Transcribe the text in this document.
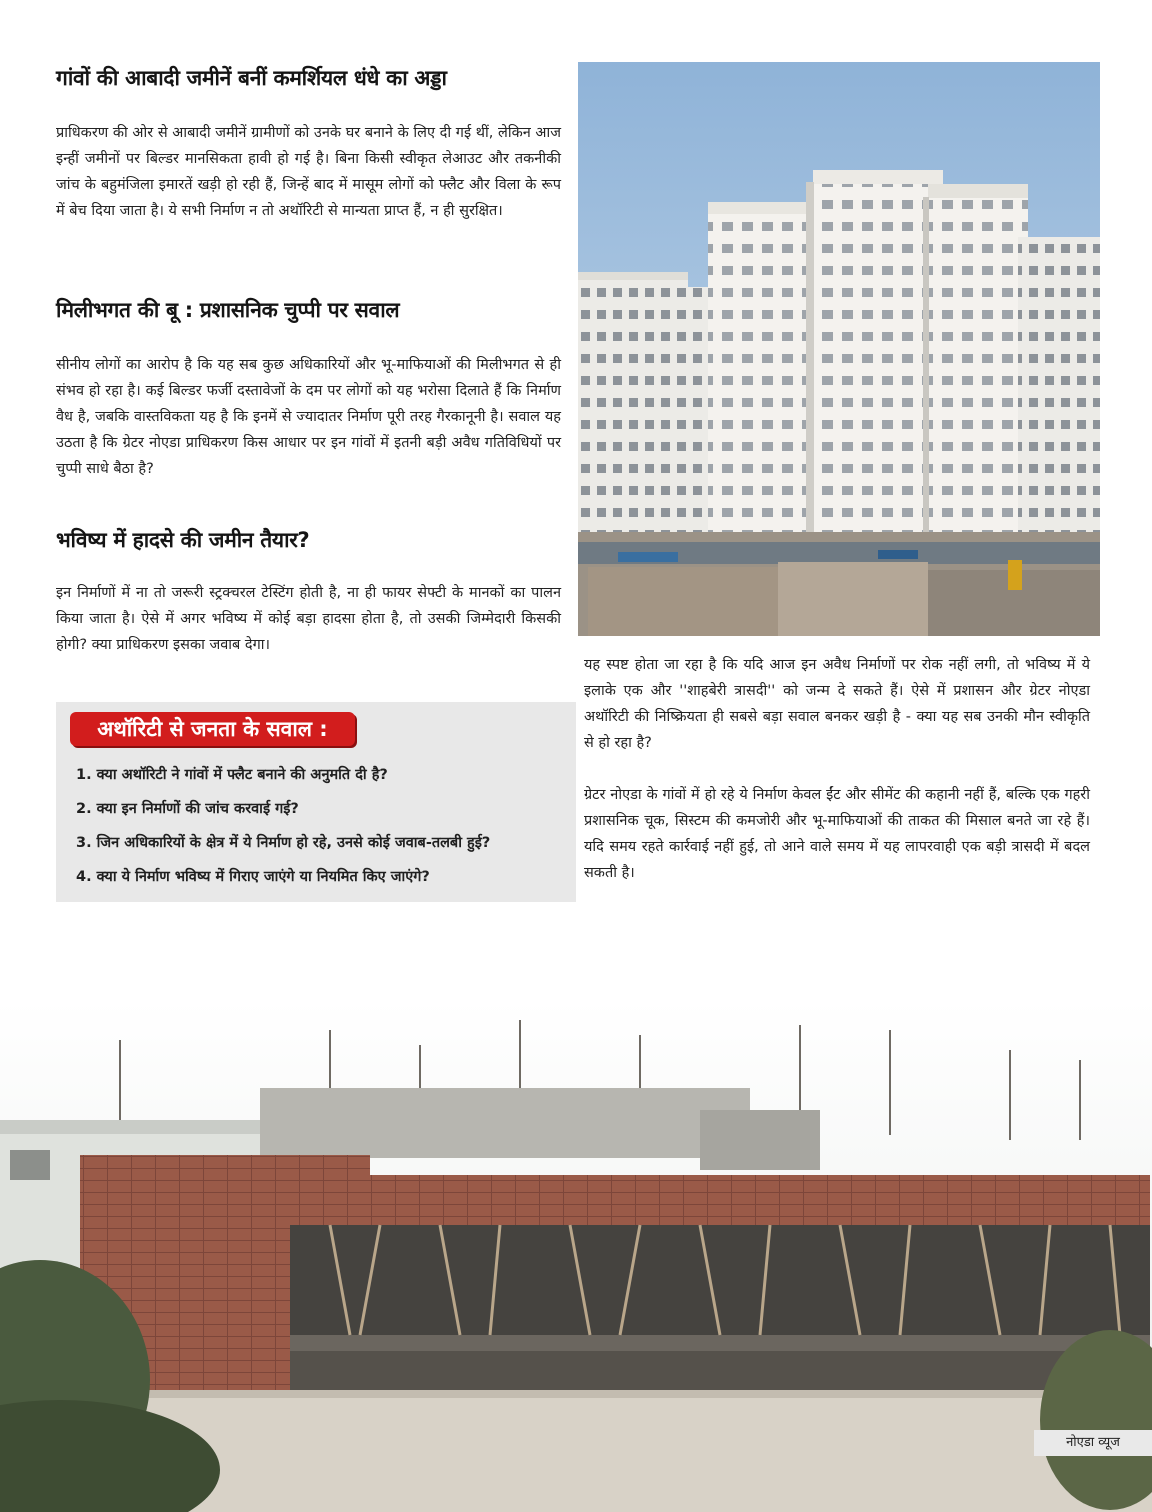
गांवों की आबादी जमीनें बनीं कमर्शियल धंधे का अड्डा

प्राधिकरण की ओर से आबादी जमीनें ग्रामीणों को उनके घर बनाने के लिए दी गई थीं, लेकिन आज इन्हीं जमीनों पर बिल्डर मानसिकता हावी हो गई है। बिना किसी स्वीकृत लेआउट और तकनीकी जांच के बहुमंजिला इमारतें खड़ी हो रही हैं, जिन्हें बाद में मासूम लोगों को फ्लैट और विला के रूप में बेच दिया जाता है। ये सभी निर्माण न तो अथॉरिटी से मान्यता प्राप्त हैं, न ही सुरक्षित।

मिलीभगत की बू : प्रशासनिक चुप्पी पर सवाल

सीनीय लोगों का आरोप है कि यह सब कुछ अधिकारियों और भू-माफियाओं की मिलीभगत से ही संभव हो रहा है। कई बिल्डर फर्जी दस्तावेजों के दम पर लोगों को यह भरोसा दिलाते हैं कि निर्माण वैध है, जबकि वास्तविकता यह है कि इनमें से ज्यादातर निर्माण पूरी तरह गैरकानूनी है। सवाल यह उठता है कि ग्रेटर नोएडा प्राधिकरण किस आधार पर इन गांवों में इतनी बड़ी अवैध गतिविधियों पर चुप्पी साधे बैठा है?

भविष्य में हादसे की जमीन तैयार?

इन निर्माणों में ना तो जरूरी स्ट्रक्चरल टेस्टिंग होती है, ना ही फायर सेफ्टी के मानकों का पालन किया जाता है। ऐसे में अगर भविष्य में कोई बड़ा हादसा होता है, तो उसकी जिम्मेदारी किसकी होगी? क्या प्राधिकरण इसका जवाब देगा।

अथॉरिटी से जनता के सवाल :
1. क्या अथॉरिटी ने गांवों में फ्लैट बनाने की अनुमति दी है?
2. क्या इन निर्माणों की जांच करवाई गई?
3. जिन अधिकारियों के क्षेत्र में ये निर्माण हो रहे, उनसे कोई जवाब-तलबी हुई?
4. क्या ये निर्माण भविष्य में गिराए जाएंगे या नियमित किए जाएंगे?

यह स्पष्ट होता जा रहा है कि यदि आज इन अवैध निर्माणों पर रोक नहीं लगी, तो भविष्य में ये इलाके एक और ''शाहबेरी त्रासदी'' को जन्म दे सकते हैं। ऐसे में प्रशासन और ग्रेटर नोएडा अथॉरिटी की निष्क्रियता ही सबसे बड़ा सवाल बनकर खड़ी है - क्या यह सब उनकी मौन स्वीकृति से हो रहा है?

ग्रेटर नोएडा के गांवों में हो रहे ये निर्माण केवल ईंट और सीमेंट की कहानी नहीं हैं, बल्कि एक गहरी प्रशासनिक चूक, सिस्टम की कमजोरी और भू-माफियाओं की ताकत की मिसाल बनते जा रहे हैं। यदि समय रहते कार्रवाई नहीं हुई, तो आने वाले समय में यह लापरवाही एक बड़ी त्रासदी में बदल सकती है।

नोएडा व्यूज
